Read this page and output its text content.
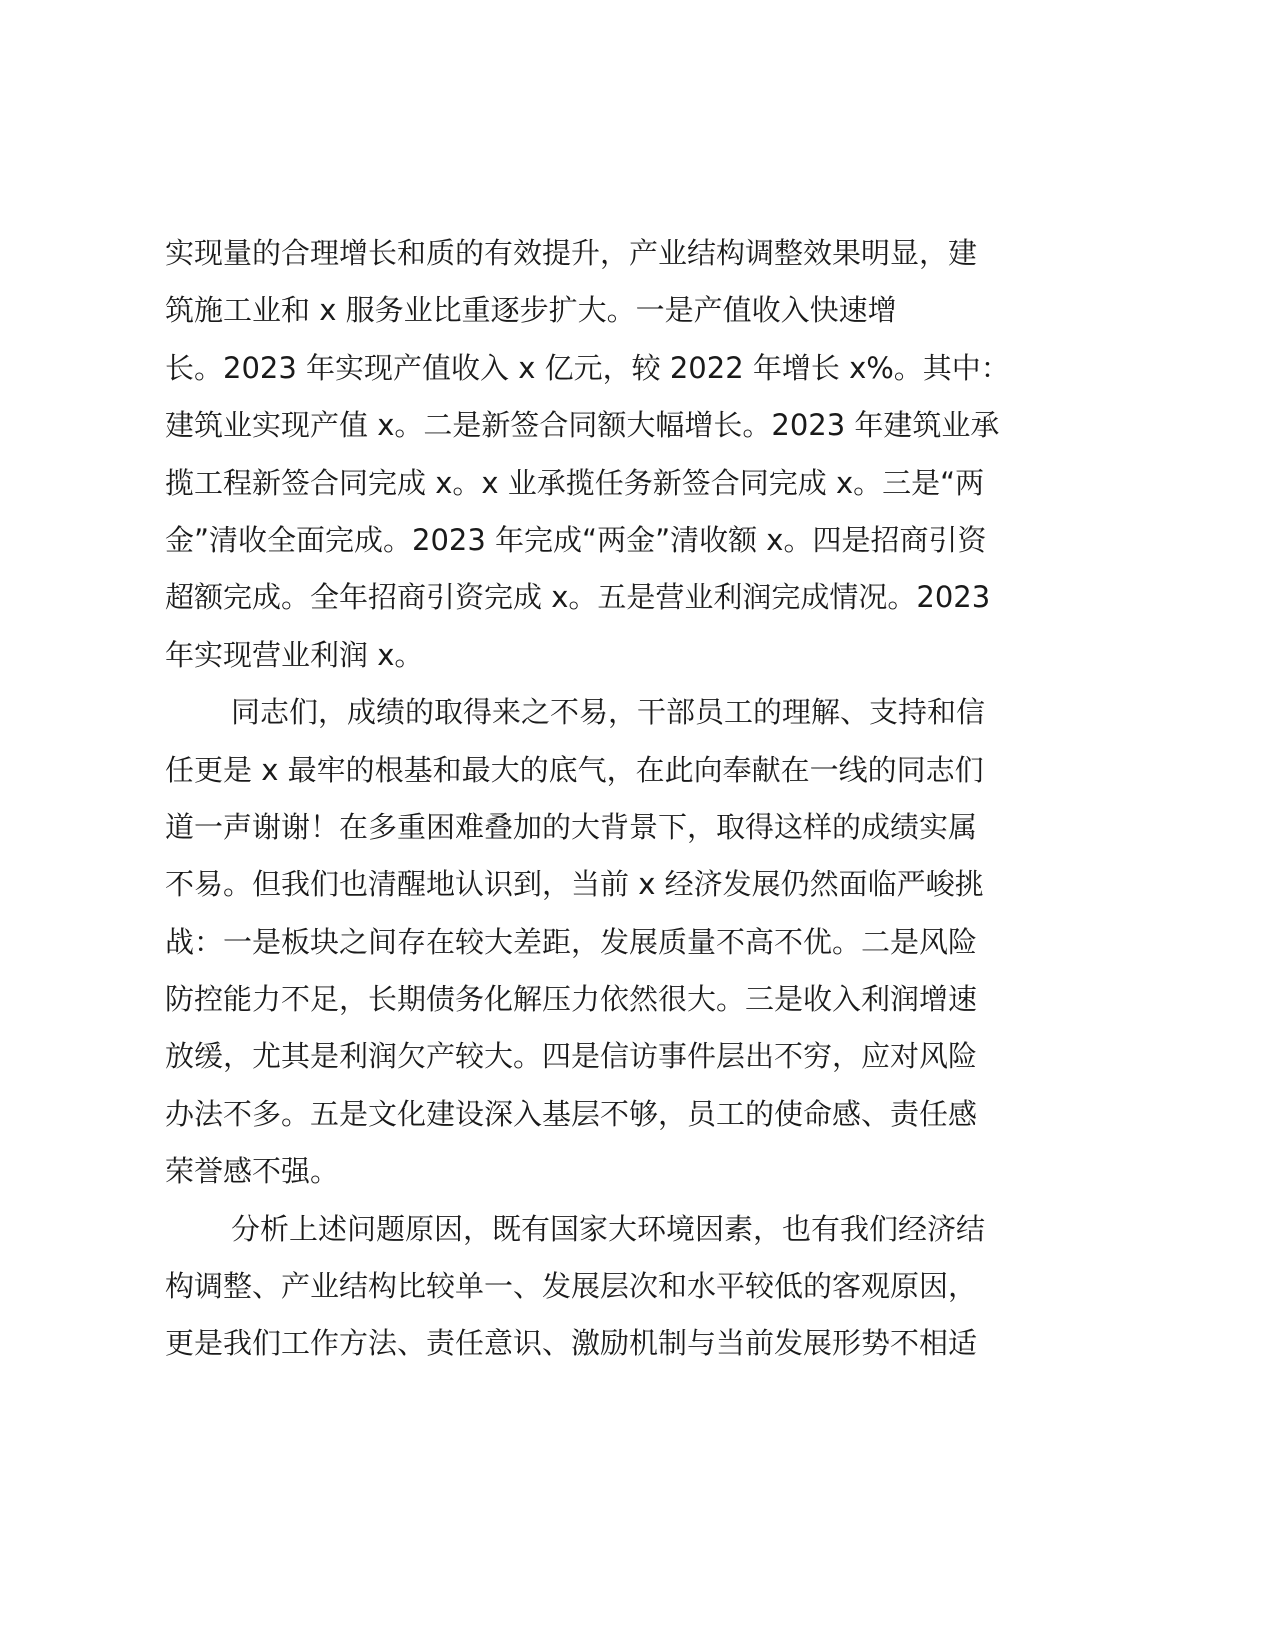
实现量的合理增长和质的有效提升，产业结构调整效果明显，建
筑施工业和 x 服务业比重逐步扩大。一是产值收入快速增
长。2023 年实现产值收入 x 亿元，较 2022 年增长 x%。其中：
建筑业实现产值 x。二是新签合同额大幅增长。2023 年建筑业承
揽工程新签合同完成 x。x 业承揽任务新签合同完成 x。三是“两
金”清收全面完成。2023 年完成“两金”清收额 x。四是招商引资
超额完成。全年招商引资完成 x。五是营业利润完成情况。2023
年实现营业利润 x。
同志们，成绩的取得来之不易，干部员工的理解、支持和信
任更是 x 最牢的根基和最大的底气，在此向奉献在一线的同志们
道一声谢谢！在多重困难叠加的大背景下，取得这样的成绩实属
不易。但我们也清醒地认识到，当前 x 经济发展仍然面临严峻挑
战：一是板块之间存在较大差距，发展质量不高不优。二是风险
防控能力不足，长期债务化解压力依然很大。三是收入利润增速
放缓，尤其是利润欠产较大。四是信访事件层出不穷，应对风险
办法不多。五是文化建设深入基层不够，员工的使命感、责任感
荣誉感不强。
分析上述问题原因，既有国家大环境因素，也有我们经济结
构调整、产业结构比较单一、发展层次和水平较低的客观原因，
更是我们工作方法、责任意识、激励机制与当前发展形势不相适
